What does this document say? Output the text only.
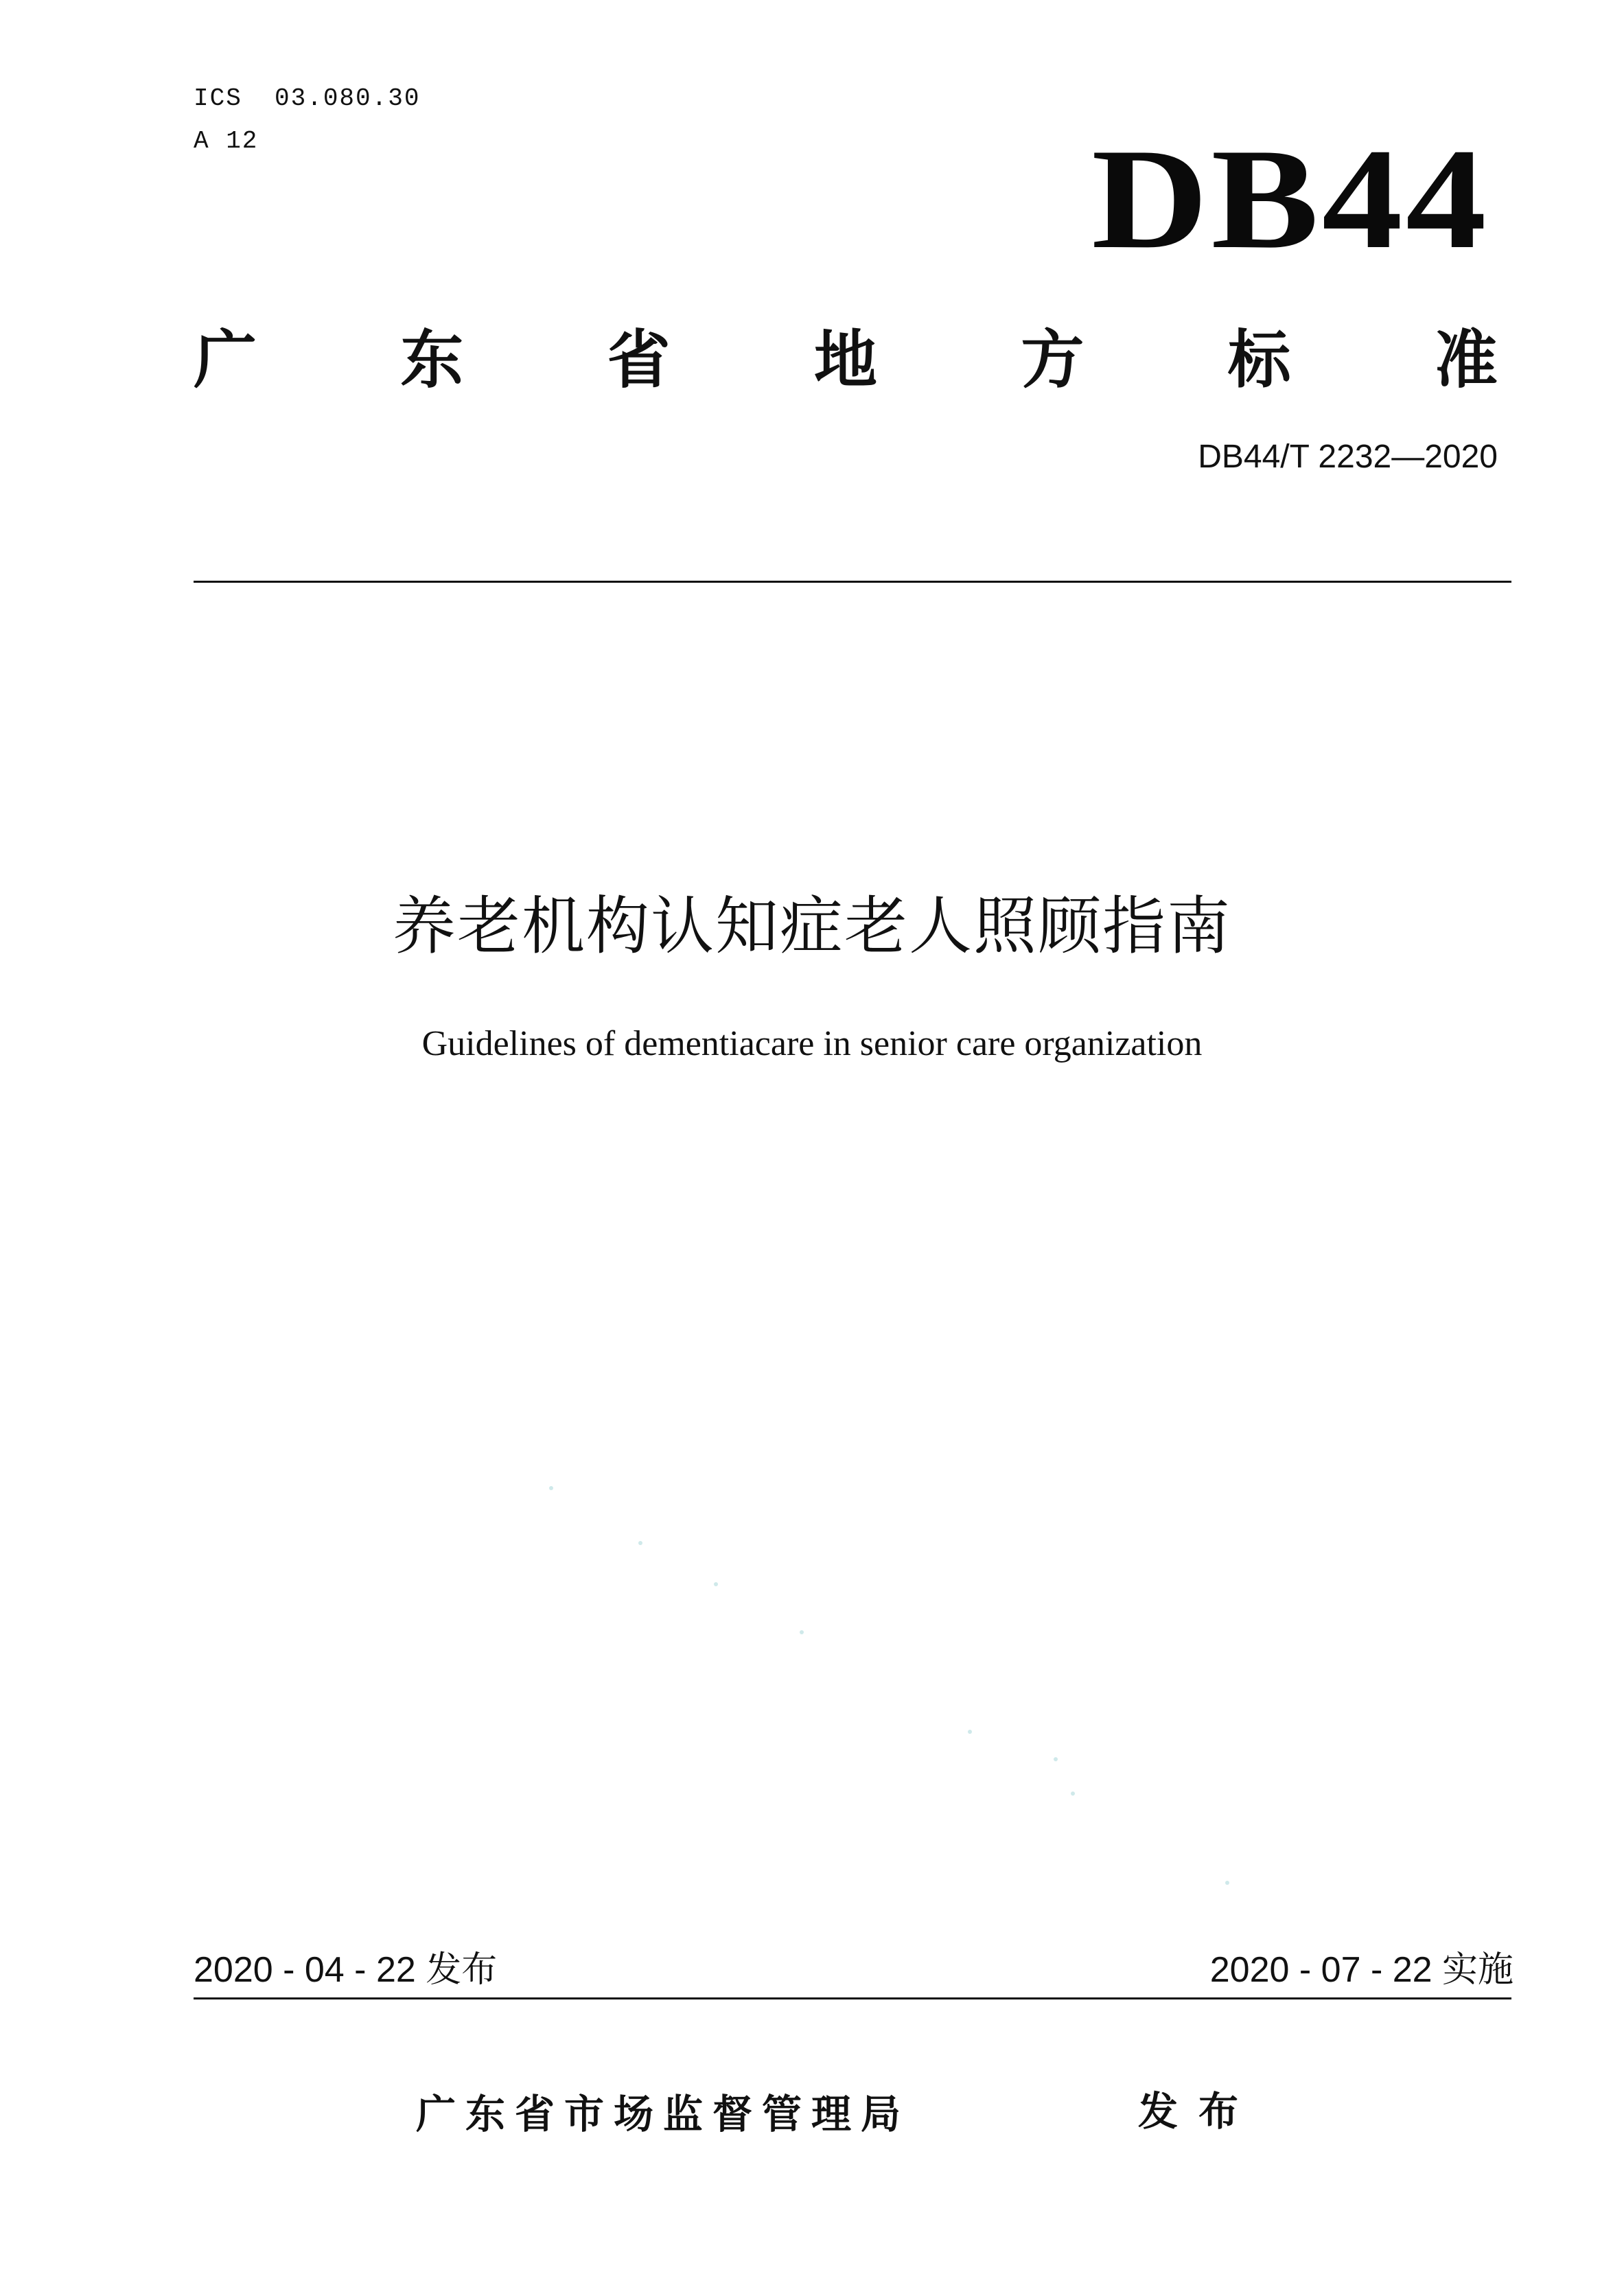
ICS  03.080.30
A 12	DB44
广 东 省 地 方 标 准
DB44/T 2232—2020
养老机构认知症老人照顾指南
Guidelines of dementiacare in senior care organization
2020 - 04 - 22 发布	2020 - 07 - 22 实施
广东省市场监督管理局	发布
